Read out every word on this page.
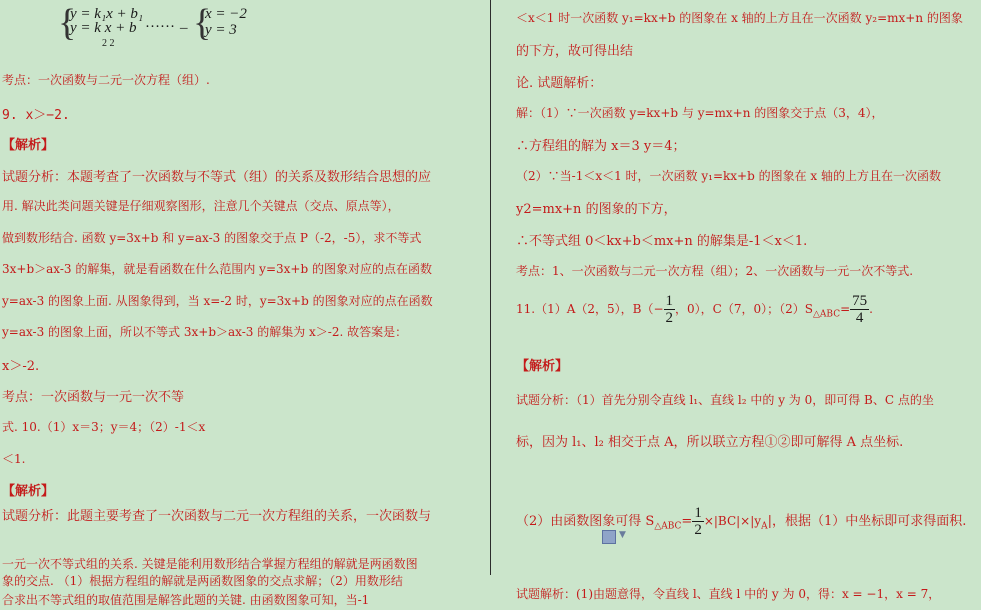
{
y = k₁x + b₁
y = k x + b
2 2
…… _ {
x = −2
y = 3
考点：一次函数与二元一次方程（组）.
9. x＞−2.
【解析】
试题分析：本题考查了一次函数与不等式（组）的关系及数形结合思想的应
用. 解决此类问题关键是仔细观察图形，注意几个关键点（交点、原点等），
做到数形结合. 函数 y=3x+b 和 y=ax-3 的图象交于点 P（-2，-5），求不等式
3x+b＞ax-3 的解集，就是看函数在什么范围内 y=3x+b 的图象对应的点在函数
y=ax-3 的图象上面. 从图象得到，当 x=-2 时，y=3x+b 的图象对应的点在函数
y=ax-3 的图象上面，所以不等式 3x+b＞ax-3 的解集为 x＞-2. 故答案是：
x＞-2.
考点：一次函数与一元一次不等
式. 10.（1）x＝3；y＝4；（2）-1＜x
＜1.
【解析】
试题分析：此题主要考查了一次函数与二元一次方程组的关系，一次函数与
一元一次不等式组的关系. 关键是能利用数形结合掌握方程组的解就是两函数图
象的交点. （1）根据方程组的解就是两函数图象的交点求解；（2）用数形结
合求出不等式组的取值范围是解答此题的关键. 由函数图象可知，当-1
＜x＜1 时一次函数 y₁=kx+b 的图象在 x 轴的上方且在一次函数 y₂=mx+n 的图象
的下方，故可得出结
论. 试题解析：
解：（1）∵一次函数 y=kx+b 与 y=mx+n 的图象交于点（3，4），
∴方程组的解为 x＝3 y＝4；
（2）∵当-1＜x＜1 时，一次函数 y₁=kx+b 的图象在 x 轴的上方且在一次函数
y2=mx+n 的图象的下方，
∴不等式组 0＜kx+b＜mx+n 的解集是-1＜x＜1.
考点：1、一次函数与二元一次方程（组）；2、一次函数与一元一次不等式.
11.（1）A（2，5），$B(- \frac{1}{2}$ ，0），C（7，0）；$(2)S_{\triangle ABC}= \frac{75}{4}$ .
【解析】
试题分析：（1）首先分别令直线 l₁、直线 l₂ 中的 y 为 0，即可得 B、C 点的坐
标，因为 l₁、l₂ 相交于点 A，所以联立方程①②即可解得 A 点坐标.
（2）由函数图象可得 $S_{\triangle ABC}= \frac{1}{2} \times|BC|\times|y_A|$，根据（1）中坐标即可求得面积.
试题解析：(1)由题意得，令直线 l、直线 l 中的 y 为 0，得：x = −1，x = 7，
▼
